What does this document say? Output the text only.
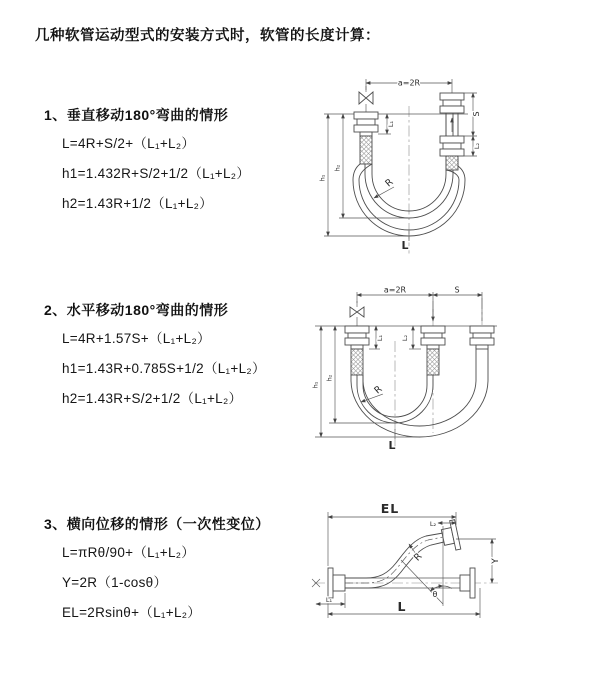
几种软管运动型式的安装方式时，软管的长度计算：
1、垂直移动180°弯曲的情形
L=4R+S/2+（L₁+L₂）
h1=1.432R+S/2+1/2（L₁+L₂）
h2=1.43R+1/2（L₁+L₂）
2、水平移动180°弯曲的情形
L=4R+1.57S+（L₁+L₂）
h1=1.43R+0.785S+1/2（L₁+L₂）
h2=1.43R+S/2+1/2（L₁+L₂）
3、横向位移的情形（一次性变位）
L=πRθ/90+（L₁+L₂）
Y=2R（1-cosθ）
EL=2Rsinθ+（L₁+L₂）
a=2R
S
L₂
L₁
h₁
h₂
R
L
a=2R	S
h₁
h₂
L₁	L₂
R
L
EL
L₂
Y
θ
R
L
L₁
